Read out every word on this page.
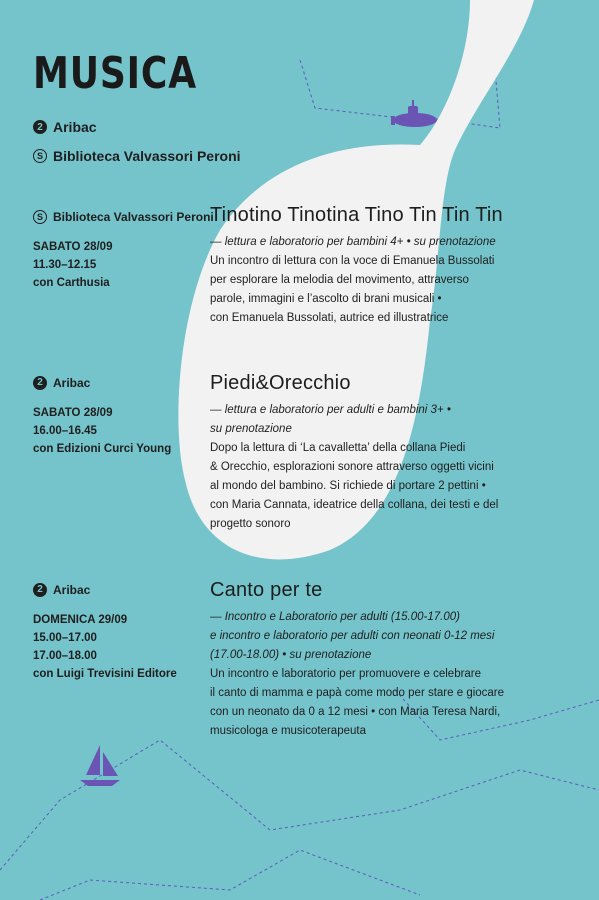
MUSICA
2 Aribac
S Biblioteca Valvassori Peroni
S Biblioteca Valvassori Peroni
SABATO 28/09
11.30–12.15
con Carthusia
Tinotino Tinotina Tino Tin Tin Tin
— lettura e laboratorio per bambini 4+ • su prenotazione
Un incontro di lettura con la voce di Emanuela Bussolati
per esplorare la melodia del movimento, attraverso
parole, immagini e l’ascolto di brani musicali •
con Emanuela Bussolati, autrice ed illustratrice
2 Aribac
SABATO 28/09
16.00–16.45
con Edizioni Curci Young
Piedi&Orecchio
— lettura e laboratorio per adulti e bambini 3+ •
su prenotazione
Dopo la lettura di ‘La cavalletta’ della collana Piedi
& Orecchio, esplorazioni sonore attraverso oggetti vicini
al mondo del bambino. Si richiede di portare 2 pettini •
con Maria Cannata, ideatrice della collana, dei testi e del
progetto sonoro
2 Aribac
DOMENICA 29/09
15.00–17.00
17.00–18.00
con Luigi Trevisini Editore
Canto per te
— Incontro e Laboratorio per adulti (15.00-17.00)
e incontro e laboratorio per adulti con neonati 0-12 mesi
(17.00-18.00) • su prenotazione
Un incontro e laboratorio per promuovere e celebrare
il canto di mamma e papà come modo per stare e giocare
con un neonato da 0 a 12 mesi • con Maria Teresa Nardi,
musicologa e musicoterapeuta
